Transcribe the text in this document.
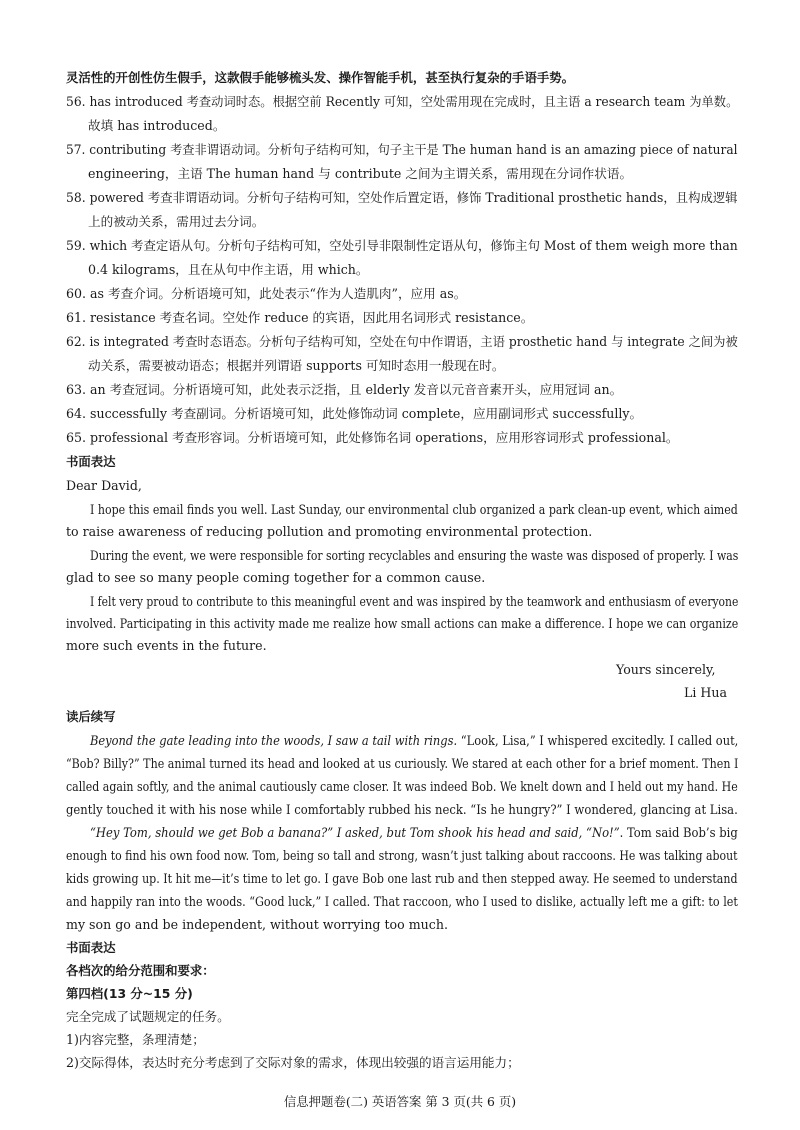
灵活性的开创性仿生假手，这款假手能够梳头发、操作智能手机，甚至执行复杂的手语手势。
56. has introduced 考查动词时态。根据空前 Recently 可知，空处需用现在完成时，且主语 a research team 为单数。
故填 has introduced。
57. contributing 考查非谓语动词。分析句子结构可知，句子主干是 The human hand is an amazing piece of natural
engineering，主语 The human hand 与 contribute 之间为主谓关系，需用现在分词作状语。
58. powered 考查非谓语动词。分析句子结构可知，空处作后置定语，修饰 Traditional prosthetic hands，且构成逻辑
上的被动关系，需用过去分词。
59. which 考查定语从句。分析句子结构可知，空处引导非限制性定语从句，修饰主句 Most of them weigh more than
0.4 kilograms，且在从句中作主语，用 which。
60. as 考查介词。分析语境可知，此处表示“作为人造肌肉”，应用 as。
61. resistance 考查名词。空处作 reduce 的宾语，因此用名词形式 resistance。
62. is integrated 考查时态语态。分析句子结构可知，空处在句中作谓语，主语 prosthetic hand 与 integrate 之间为被
动关系，需要被动语态；根据并列谓语 supports 可知时态用一般现在时。
63. an 考查冠词。分析语境可知，此处表示泛指，且 elderly 发音以元音音素开头，应用冠词 an。
64. successfully 考查副词。分析语境可知，此处修饰动词 complete，应用副词形式 successfully。
65. professional 考查形容词。分析语境可知，此处修饰名词 operations，应用形容词形式 professional。
书面表达
Dear David,
I hope this email finds you well. Last Sunday, our environmental club organized a park clean-up event, which aimed
to raise awareness of reducing pollution and promoting environmental protection.
During the event, we were responsible for sorting recyclables and ensuring the waste was disposed of properly. I was
glad to see so many people coming together for a common cause.
I felt very proud to contribute to this meaningful event and was inspired by the teamwork and enthusiasm of everyone
involved. Participating in this activity made me realize how small actions can make a difference. I hope we can organize
more such events in the future.
Yours sincerely,
Li Hua
读后续写
Beyond the gate leading into the woods, I saw a tail with rings. “Look, Lisa,” I whispered excitedly. I called out,
“Bob? Billy?” The animal turned its head and looked at us curiously. We stared at each other for a brief moment. Then I
called again softly, and the animal cautiously came closer. It was indeed Bob. We knelt down and I held out my hand. He
gently touched it with his nose while I comfortably rubbed his neck. “Is he hungry?” I wondered, glancing at Lisa.
“Hey Tom, should we get Bob a banana?” I asked, but Tom shook his head and said, “No!”. Tom said Bob’s big
enough to find his own food now. Tom, being so tall and strong, wasn’t just talking about raccoons. He was talking about
kids growing up. It hit me—it’s time to let go. I gave Bob one last rub and then stepped away. He seemed to understand
and happily ran into the woods. “Good luck,” I called. That raccoon, who I used to dislike, actually left me a gift: to let
my son go and be independent, without worrying too much.
书面表达
各档次的给分范围和要求：
第四档(13 分~15 分)
完全完成了试题规定的任务。
1)内容完整，条理清楚；
2)交际得体，表达时充分考虑到了交际对象的需求，体现出较强的语言运用能力；
信息押题卷(二) 英语答案 第 3 页(共 6 页)
